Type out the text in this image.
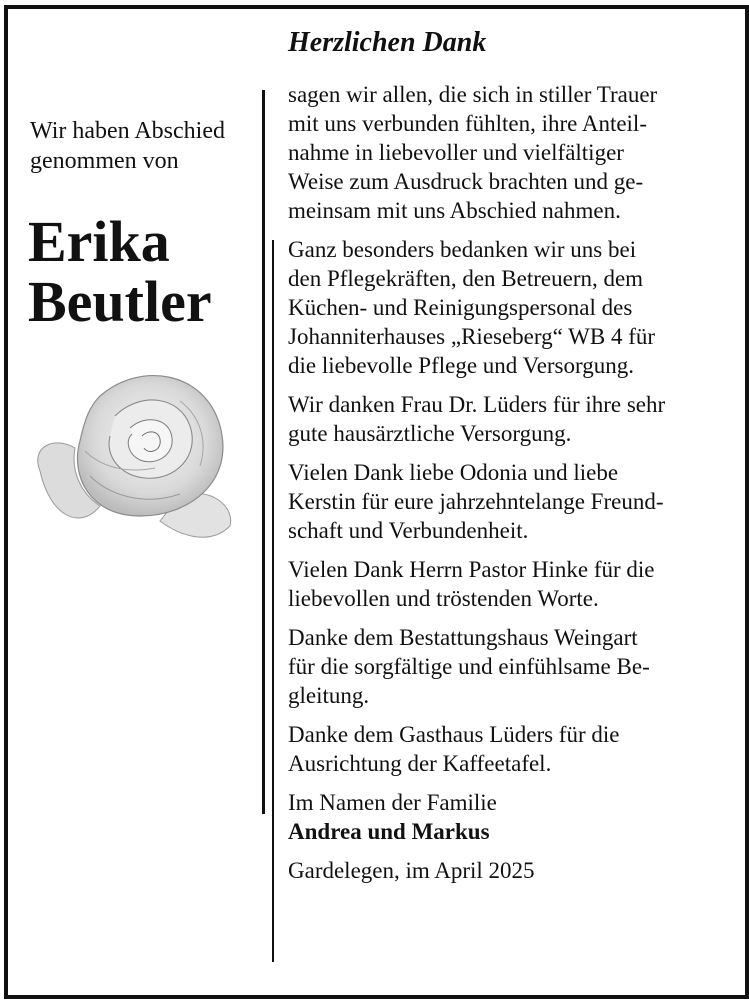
Wir haben Abschied
genommen von
Erika
Beutler
Herzlichen Dank

sagen wir allen, die sich in stiller Trauer
mit uns verbunden fühlten, ihre Anteil-
nahme in liebevoller und vielfältiger
Weise zum Ausdruck brachten und ge-
meinsam mit uns Abschied nahmen.

Ganz besonders bedanken wir uns bei
den Pflegekräften, den Betreuern, dem
Küchen- und Reinigungspersonal des
Johanniterhauses „Rieseberg“ WB 4 für
die liebevolle Pflege und Versorgung.

Wir danken Frau Dr. Lüders für ihre sehr
gute hausärztliche Versorgung.

Vielen Dank liebe Odonia und liebe
Kerstin für eure jahrzehntelange Freund-
schaft und Verbundenheit.

Vielen Dank Herrn Pastor Hinke für die
liebevollen und tröstenden Worte.

Danke dem Bestattungshaus Weingart
für die sorgfältige und einfühlsame Be-
gleitung.

Danke dem Gasthaus Lüders für die
Ausrichtung der Kaffeetafel.

Im Namen der Familie
Andrea und Markus

Gardelegen, im April 2025
